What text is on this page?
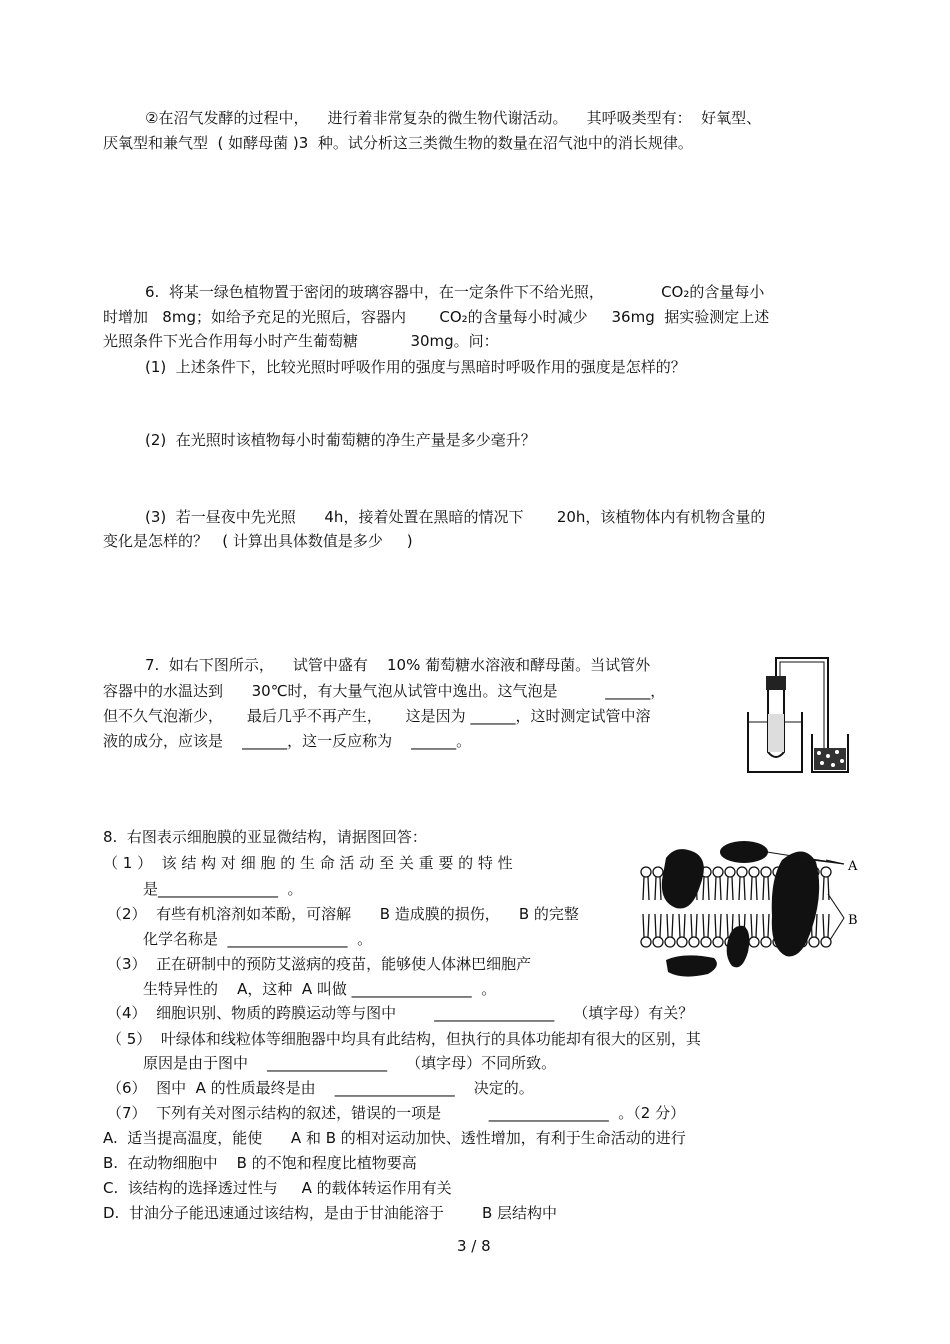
②在沼气发酵的过程中，    进行着非常复杂的微生物代谢活动。    其呼吸类型有：  好氧型、
厌氧型和兼气型  ( 如酵母菌 )3  种。试分析这三类微生物的数量在沼气池中的消长规律。
6.  将某一绿色植物置于密闭的玻璃容器中，在一定条件下不给光照，            CO₂的含量每小
时增加   8mg；如给予充足的光照后，容器内       CO₂的含量每小时减少     36mg  据实验测定上述
光照条件下光合作用每小时产生葡萄糖           30mg。问：
(1)  上述条件下，比较光照时呼吸作用的强度与黑暗时呼吸作用的强度是怎样的？
(2)  在光照时该植物每小时葡萄糖的净生产量是多少毫升？
(3)  若一昼夜中先光照      4h，接着处置在黑暗的情况下       20h，该植物体内有机物含量的
变化是怎样的？   ( 计算出具体数值是多少     )
7.  如右下图所示，    试管中盛有    10% 葡萄糖水溶液和酵母菌。当试管外
容器中的水温达到      30℃时，有大量气泡从试管中逸出。这气泡是          ______，
但不久气泡渐少，     最后几乎不再产生，     这是因为 ______，这时测定试管中溶
液的成分，应该是    ______，这一反应称为    ______。
8.  右图表示细胞膜的亚显微结构，请据图回答：
（ 1 ）  该 结 构 对 细 胞 的 生 命 活 动 至 关 重 要 的 特 性
是________________  。
（2）  有些有机溶剂如苯酚，可溶解      B 造成膜的损伤，    B 的完整
化学名称是  ________________  。
（3）  正在研制中的预防艾滋病的疫苗，能够使人体淋巴细胞产
生特异性的    A，这种  A 叫做 ________________  。
（4）  细胞识别、物质的跨膜运动等与图中        ________________    （填字母）有关？
（ 5）  叶绿体和线粒体等细胞器中均具有此结构，但执行的具体功能却有很大的区别，其
原因是由于图中    ________________    （填字母）不同所致。
（6）  图中  A 的性质最终是由    ________________    决定的。
（7）  下列有关对图示结构的叙述，错误的一项是          ________________  。（2 分）
A.  适当提高温度，能使      A 和 B 的相对运动加快、透性增加，有利于生命活动的进行
B.  在动物细胞中    B 的不饱和程度比植物要高
C.  该结构的选择透过性与     A 的载体转运作用有关
D.  甘油分子能迅速通过该结构，是由于甘油能溶于        B 层结构中
A
B
3 / 8
